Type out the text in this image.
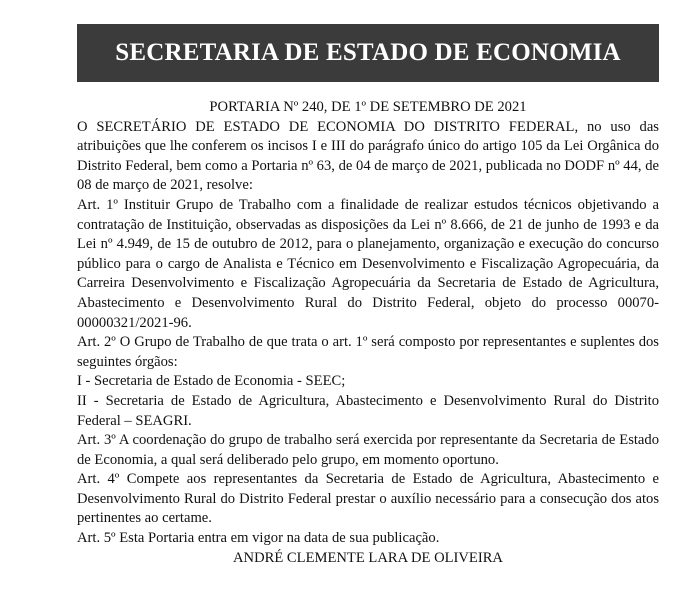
SECRETARIA DE ESTADO DE ECONOMIA

PORTARIA Nº 240, DE 1º DE SETEMBRO DE 2021

O SECRETÁRIO DE ESTADO DE ECONOMIA DO DISTRITO FEDERAL, no uso das atribuições que lhe conferem os incisos I e III do parágrafo único do artigo 105 da Lei Orgânica do Distrito Federal, bem como a Portaria nº 63, de 04 de março de 2021, publicada no DODF nº 44, de 08 de março de 2021, resolve:

Art. 1º Instituir Grupo de Trabalho com a finalidade de realizar estudos técnicos objetivando a contratação de Instituição, observadas as disposições da Lei nº 8.666, de 21 de junho de 1993 e da Lei nº 4.949, de 15 de outubro de 2012, para o planejamento, organização e execução do concurso público para o cargo de Analista e Técnico em Desenvolvimento e Fiscalização Agropecuária, da Carreira Desenvolvimento e Fiscalização Agropecuária da Secretaria de Estado de Agricultura, Abastecimento e Desenvolvimento Rural do Distrito Federal, objeto do processo 00070-00000321/2021-96.

Art. 2º O Grupo de Trabalho de que trata o art. 1º será composto por representantes e suplentes dos seguintes órgãos:

I - Secretaria de Estado de Economia - SEEC;

II - Secretaria de Estado de Agricultura, Abastecimento e Desenvolvimento Rural do Distrito Federal – SEAGRI.

Art. 3º A coordenação do grupo de trabalho será exercida por representante da Secretaria de Estado de Economia, a qual será deliberado pelo grupo, em momento oportuno.

Art. 4º Compete aos representantes da Secretaria de Estado de Agricultura, Abastecimento e Desenvolvimento Rural do Distrito Federal prestar o auxílio necessário para a consecução dos atos pertinentes ao certame.

Art. 5º Esta Portaria entra em vigor na data de sua publicação.

ANDRÉ CLEMENTE LARA DE OLIVEIRA
